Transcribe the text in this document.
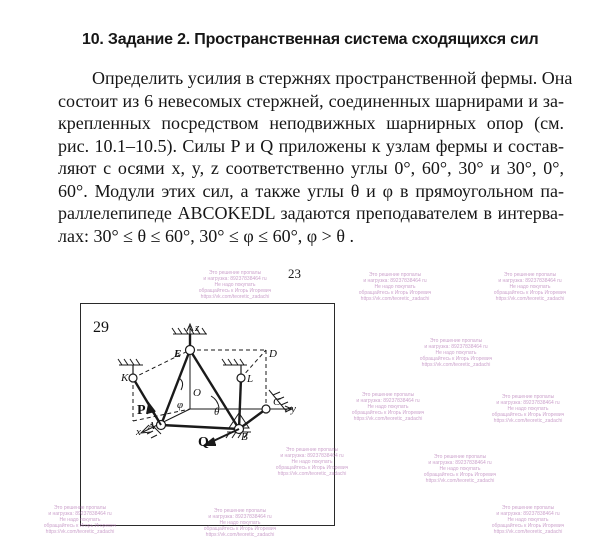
10. Задание 2. Пространственная система сходящихся сил
Определить усилия в стержнях пространственной фермы. Она
состоит из 6 невесомых стержней, соединенных шарнирами и за-
крепленных посредством неподвижных шарнирных опор (см.
рис. 10.1–10.5). Силы P и Q приложены к узлам фермы и состав-
ляют с осями x, y, z соответственно углы 0°, 60°, 30° и 30°, 0°,
60°. Модули этих сил, а также углы θ и φ в прямоугольном па-
раллелепипеде ABCOKEDL задаются преподавателем в интерва-
лах: 30° ≤ θ ≤ 60°, 30° ≤ φ ≤ 60°, φ > θ .
23
29	z
E	D
K	L
O
P	φ
θ
C
y
A
B
Q
x
Это решение пропалы
и нагрузка: 89237838464 ru
Не надо покупать
обращайтесь к Игорь Игоревич
https://vk.com/teoretic_zadachi
Это решение пропалы
и нагрузка: 89237838464 ru
Не надо покупать
обращайтесь к Игорь Игоревич
https://vk.com/teoretic_zadachi
Это решение пропалы
и нагрузка: 89237838464 ru
Не надо покупать
обращайтесь к Игорь Игоревич
https://vk.com/teoretic_zadachi
Это решение пропалы
и нагрузка: 89237838464 ru
Не надо покупать
обращайтесь к Игорь Игоревич
https://vk.com/teoretic_zadachi
Это решение пропалы
и нагрузка: 89237838464 ru
Не надо покупать
обращайтесь к Игорь Игоревич
https://vk.com/teoretic_zadachi
Это решение пропалы
и нагрузка: 89237838464 ru
Не надо покупать
обращайтесь к Игорь Игоревич
https://vk.com/teoretic_zadachi
Это решение пропалы
и нагрузка: 89237838464 ru
Не надо покупать
обращайтесь к Игорь Игоревич
https://vk.com/teoretic_zadachi
Это решение пропалы
и нагрузка: 89237838464 ru
Не надо покупать
обращайтесь к Игорь Игоревич
https://vk.com/teoretic_zadachi
Это решение пропалы
и нагрузка: 89237838464 ru
Не надо покупать
обращайтесь к Игорь Игоревич
https://vk.com/teoretic_zadachi
Это решение пропалы
и нагрузка: 89237838464 ru
Не надо покупать
обращайтесь к Игорь Игоревич
https://vk.com/teoretic_zadachi
Это решение пропалы
и нагрузка: 89237838464 ru
Не надо покупать
обращайтесь к Игорь Игоревич
https://vk.com/teoretic_zadachi
